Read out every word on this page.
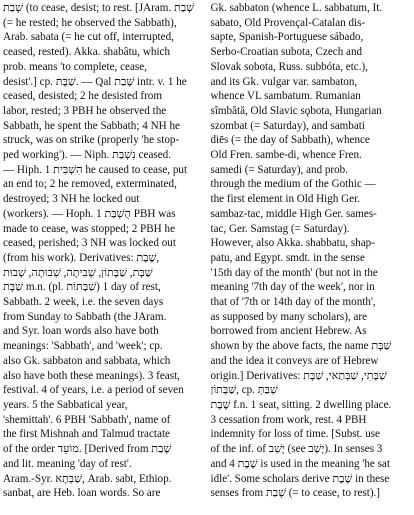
שָׁבַת (to cease, desist; to rest. [JAram. שְׁבַת
(= he rested; he observed the Sabbath),
Arab. sabata (= he cut off, interrupted,
ceased, rested). Akka. shabâtu, which
prob. means 'to complete, cease,
desist'.] cp. שַׁבָּת. — Qal שָׁבַת intr. v. 1 he
ceased, desisted; 2 he desisted from
labor, rested; 3 PBH he observed the
Sabbath, he spent the Sabbath; 4 NH he
struck, was on strike (properly 'he stop-
ped working'). — Niph. נִשְׁבַּת ceased.
— Hiph. הִשְׁבִּית 1 he caused to cease, put
an end to; 2 he removed, exterminated,
destroyed; 3 NH he locked out
(workers). — Hoph. הֻשְׁבַּת 1 PBH was
made to cease, was stopped; 2 PBH he
ceased, perished; 3 NH was locked out
(from his work). Derivatives: שֶׁבֶת,
שַׁבָּת, שַׁבָּתוֹן, שְׁבִיתָה, שְׁבוּתָה, שָׁבוּת
שַׁבָּת m.n. (pl. שַׁבָּתוֹת) 1 day of rest,
Sabbath. 2 week, i.e. the seven days
from Sunday to Sabbath (the JAram.
and Syr. loan words also have both
meanings: 'Sabbath', and 'week'; cp.
also Gk. sabbaton and sabbata, which
also have both these meanings). 3 feast,
festival. 4 of years, i.e. a period of seven
years. 5 the Sabbatical year,
'shemittah'. 6 PBH 'Sabbath', name of
the first Mishnah and Talmud tractate
of the order מוֹעֵד. [Derived from שָׁבַת
and lit. meaning 'day of rest'.
Aram.-Syr. שַׁבְּתָא, Arab. sabt, Ethiop.
sanbat, are Heb. loan words. So are
Gk. sabbaton (whence L. sabbatum, It.
sabato, Old Provençal-Catalan dis-
sapte, Spanish-Portuguese sábado,
Serbo-Croatian subota, Czech and
Slovak sobota, Russ. subbóta, etc.),
and its Gk. vulgar var. sambaton,
whence VL sambatum. Rumanian
sîmbătă, Old Slavic sǫbota, Hungarian
szombat (= Saturday), and sambati
diēs (= the day of Sabbath), whence
Old Fren. sambe-di, whence Fren.
samedi (= Saturday), and prob.
through the medium of the Gothic —
the first element in Old High Ger.
sambaz-tac, middle High Ger. sames-
tac, Ger. Samstag (= Saturday).
However, also Akka. shabbatu, shap-
patu, and Egypt. smdt. in the sense
'15th day of the month' (but not in the
meaning '7th day of the week', nor in
that of '7th or 14th day of the month',
as supposed by many scholars), are
borrowed from ancient Hebrew. As
shown by the above facts, the name שַׁבָּת
and the idea it conveys are of Hebrew
origin.] Derivatives: שַׁבָּתִי, שַׁבְּתַאי, שַׁבָּת
שַׁבָּתוֹן, cp. שְׁבַּתְּ
שֶׁבֶת f.n. 1 seat, sitting. 2 dwelling place.
3 cessation from work, rest. 4 PBH
indemnity for loss of time. [Subst. use
of the inf. of יָשַׁב (see יָשַׁב). In senses 3
and 4 שֶׁבֶת is used in the meaning 'he sat
idle'. Some scholars derive שֶׁבֶת in these
senses from שָׁבַת (= to cease, to rest).]
